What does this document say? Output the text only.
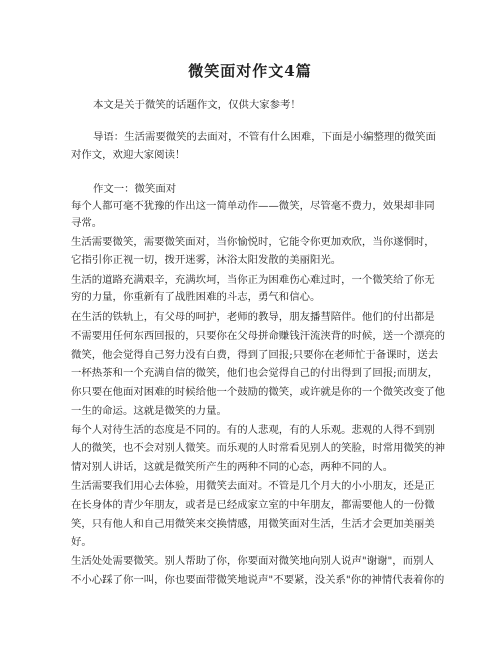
微笑面对作文4篇
本文是关于微笑的话题作文，仅供大家参考！
导语：生活需要微笑的去面对，不管有什么困难，下面是小编整理的微笑面
对作文，欢迎大家阅读！
作文一：微笑面对
每个人都可毫不犹豫的作出这一简单动作——微笑，尽管毫不费力，效果却非同
寻常。
生活需要微笑，需要微笑面对，当你愉悦时，它能令你更加欢欣，当你遂惘时，
它指引你正视一切，拨开迷雾，沐浴太阳发散的美丽阳光。
生活的道路充满艰辛，充满坎坷，当你正为困难伤心难过时，一个微笑给了你无
穷的力量，你重新有了战胜困难的斗志，勇气和信心。
在生活的铁轨上，有父母的呵护，老师的教导，朋友播彗陪伴。他们的付出都是
不需要用任何东西回报的，只要你在父母拼命赚钱汗流浃背的时候，送一个漂亮的
微笑，他会觉得自己努力没有白费，得到了回报;只要你在老师忙于备课时，送去
一杯热茶和一个充满自信的微笑，他们也会觉得自己的付出得到了回报;而朋友，
你只要在他面对困难的时候给他一个鼓励的微笑，或许就是你的一个微笑改变了他
一生的命运。这就是微笑的力量。
每个人对待生活的态度是不同的。有的人悲观，有的人乐观。悲观的人得不到别
人的微笑，也不会对别人微笑。而乐观的人时常看见别人的笑脸，时常用微笑的神
情对别人讲话，这就是微笑所产生的两种不同的心态，两种不同的人。
生活需要我们用心去体验，用微笑去面对。不管是几个月大的小小朋友，还是正
在长身体的青少年朋友，或者是已经成家立室的中年朋友，都需要他人的一份微
笑，只有他人和自己用微笑来交换情感，用微笑面对生活，生活才会更加美丽美
好。
生活处处需要微笑。别人帮助了你，你要面对微笑地向别人说声"谢谢"，而别人
不小心踩了你一叫，你也要面带微笑地说声"不要紧，没关系"你的神情代表着你的
